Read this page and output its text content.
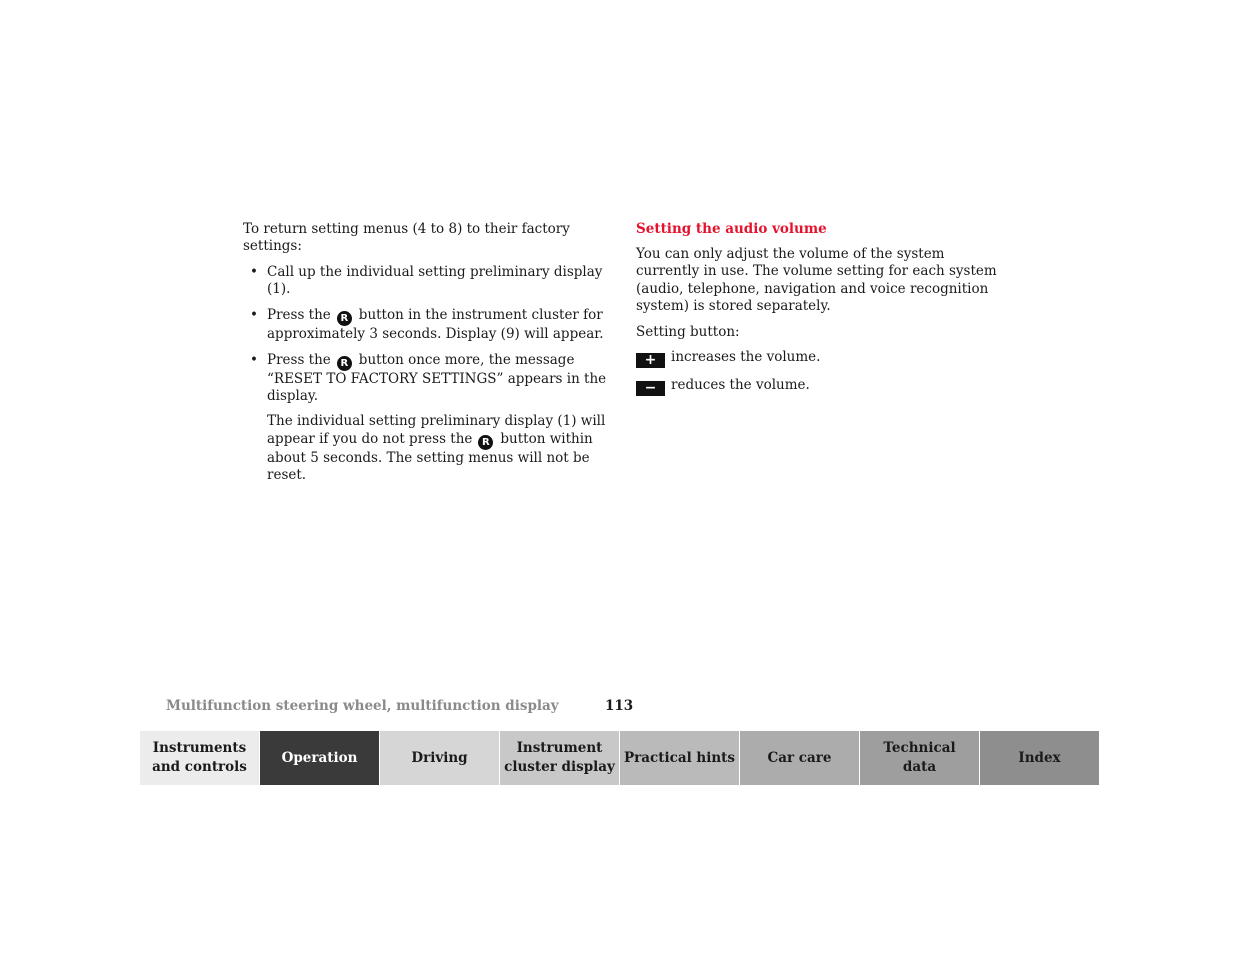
To return setting menus (4 to 8) to their factory settings:

• Call up the individual setting preliminary display (1).
• Press the R button in the instrument cluster for approximately 3 seconds. Display (9) will appear.
• Press the R button once more, the message “RESET TO FACTORY SETTINGS” appears in the display.

The individual setting preliminary display (1) will appear if you do not press the R button within about 5 seconds. The setting menus will not be reset.

Setting the audio volume

You can only adjust the volume of the system currently in use. The volume setting for each system (audio, telephone, navigation and voice recognition system) is stored separately.

Setting button:

+ increases the volume.

− reduces the volume.

Multifunction steering wheel, multifunction display	113
Instruments
and controls
Operation	Driving
Instrument
cluster display
Practical hints Car care
Technical
data
Index
